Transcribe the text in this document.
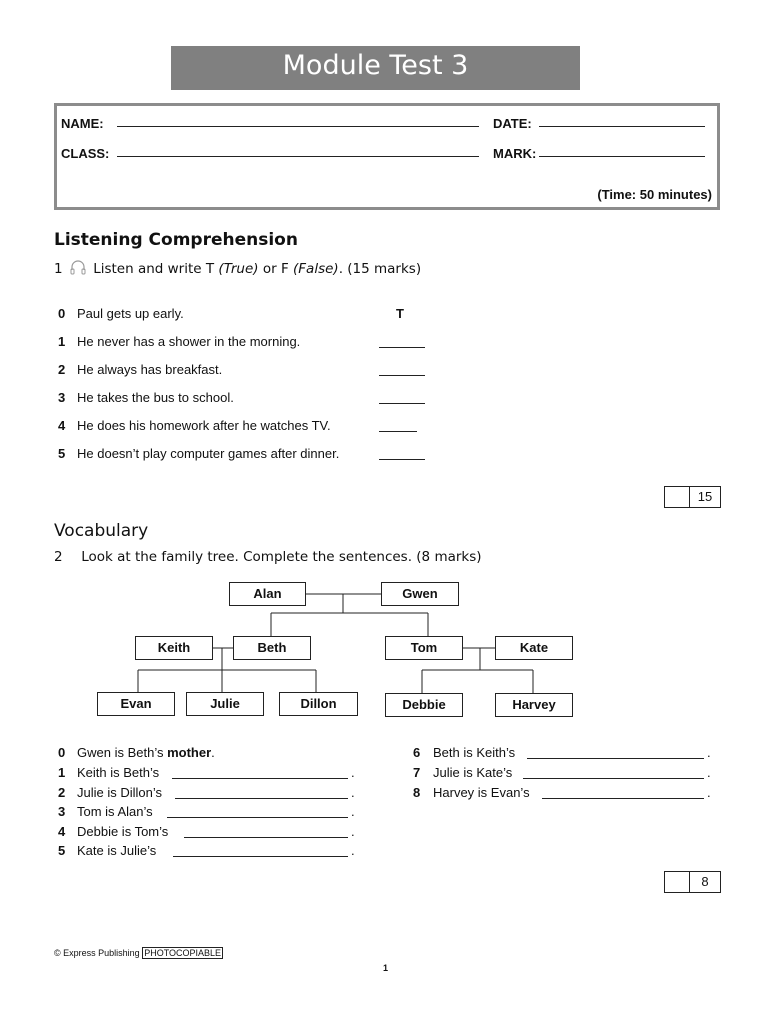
Module Test 3
NAME:	DATE:
CLASS:	MARK:
(Time: 50 minutes)
Listening Comprehension
1 Listen and write T (True) or F (False). (15 marks)
0 Paul gets up early.	T
1 He never has a shower in the morning.
2 He always has breakfast.
3 He takes the bus to school.
4 He does his homework after he watches TV.
5 He doesn’t play computer games after dinner.
15
Vocabulary
2 Look at the family tree. Complete the sentences. (8 marks)
Alan	Gwen
Keith	Beth	Tom	Kate
Evan	Julie	Dillon	Debbie	Harvey
0 Gwen is Beth’s mother.
1 Keith is Beth’s	.
2 Julie is Dillon’s	.
3 Tom is Alan’s	.
4 Debbie is Tom’s	.
5 Kate is Julie’s	.
6 Beth is Keith’s	.
7 Julie is Kate’s	.
8 Harvey is Evan’s	.
8
© Express Publishing PHOTOCOPIABLE
1
